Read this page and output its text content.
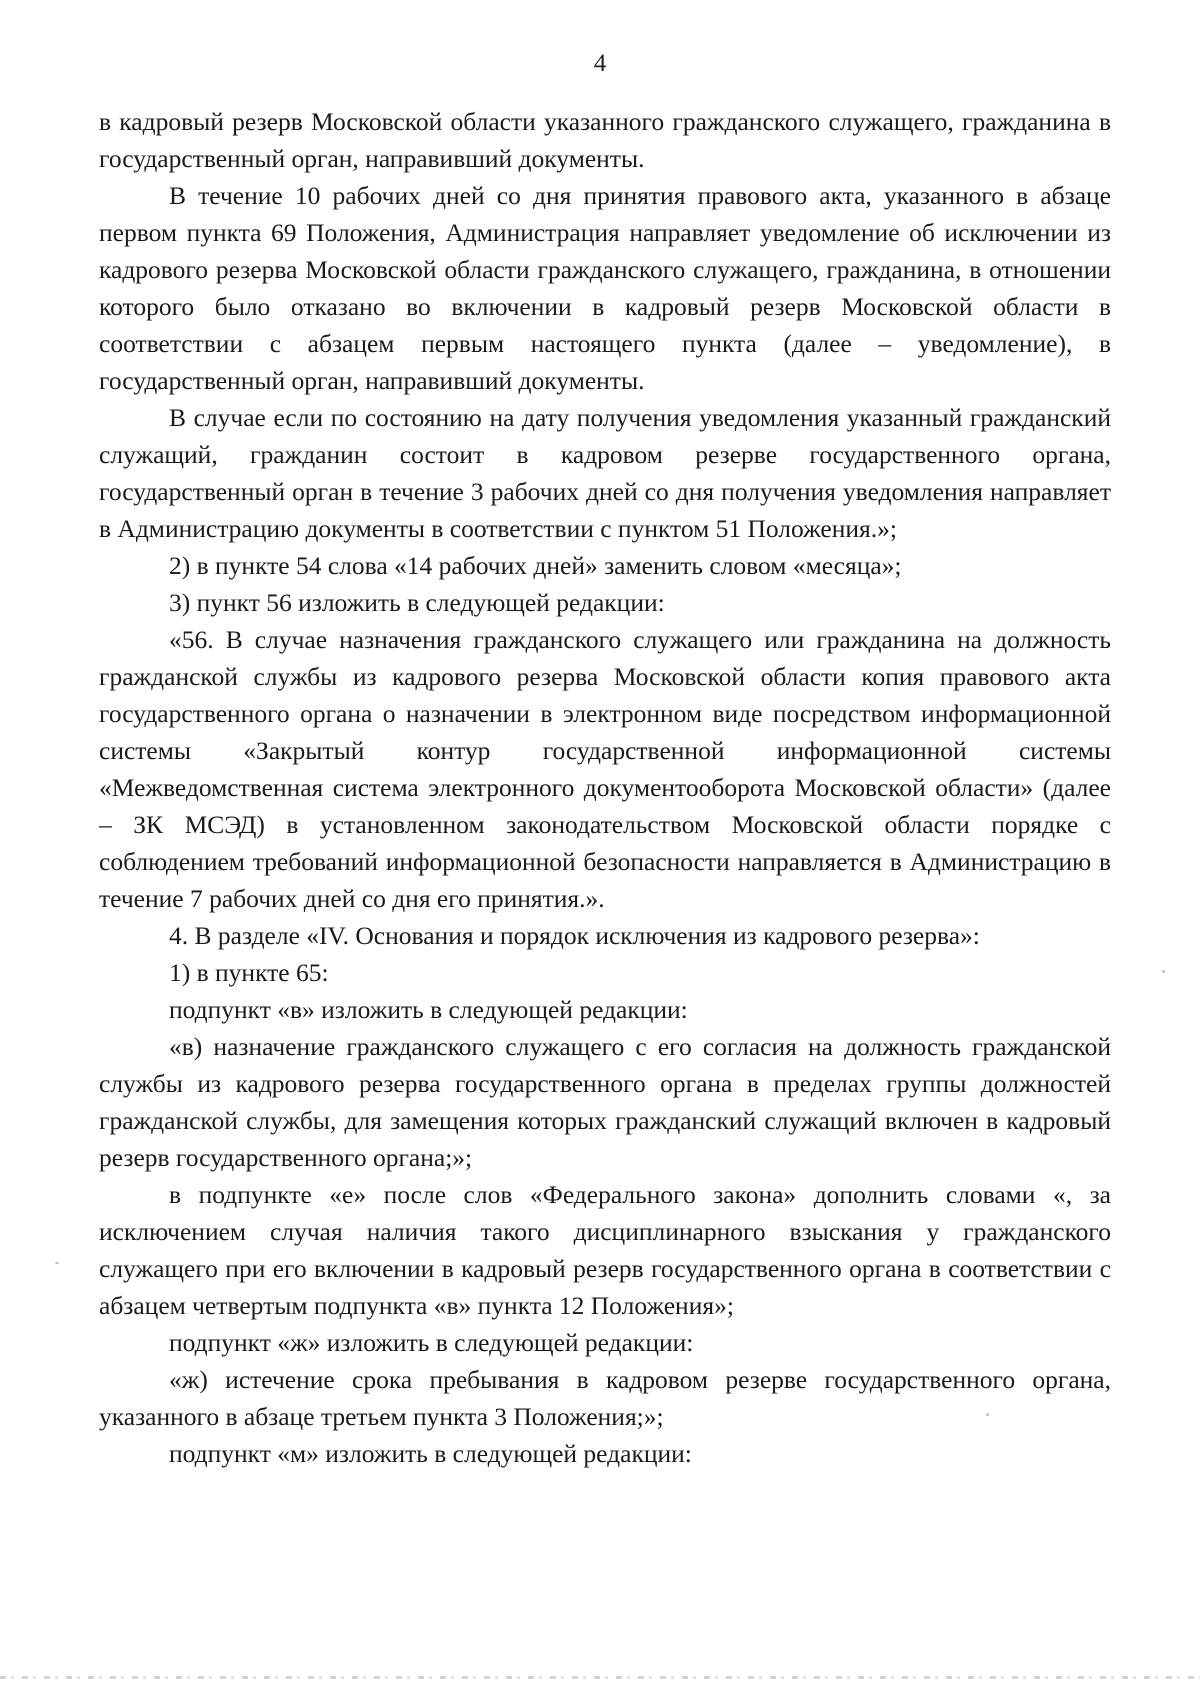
4

в кадровый резерв Московской области указанного гражданского служащего, гражданина в государственный орган, направивший документы.

В течение 10 рабочих дней со дня принятия правового акта, указанного в абзаце первом пункта 69 Положения, Администрация направляет уведомление об исключении из кадрового резерва Московской области гражданского служащего, гражданина, в отношении которого было отказано во включении в кадровый резерв Московской области в соответствии с абзацем первым настоящего пункта (далее – уведомление), в государственный орган, направивший документы.

В случае если по состоянию на дату получения уведомления указанный гражданский служащий, гражданин состоит в кадровом резерве государственного органа, государственный орган в течение 3 рабочих дней со дня получения уведомления направляет в Администрацию документы в соответствии с пунктом 51 Положения.»;

2) в пункте 54 слова «14 рабочих дней» заменить словом «месяца»;

3) пункт 56 изложить в следующей редакции:

«56. В случае назначения гражданского служащего или гражданина на должность гражданской службы из кадрового резерва Московской области копия правового акта государственного органа о назначении в электронном виде посредством информационной системы «Закрытый контур государственной информационной системы «Межведомственная система электронного документооборота Московской области» (далее – ЗК МСЭД) в установленном законодательством Московской области порядке с соблюдением требований информационной безопасности направляется в Администрацию в течение 7 рабочих дней со дня его принятия.».

4. В разделе «IV. Основания и порядок исключения из кадрового резерва»:

1) в пункте 65:

подпункт «в» изложить в следующей редакции:

«в) назначение гражданского служащего с его согласия на должность гражданской службы из кадрового резерва государственного органа в пределах группы должностей гражданской службы, для замещения которых гражданский служащий включен в кадровый резерв государственного органа;»;

в подпункте «е» после слов «Федерального закона» дополнить словами «, за исключением случая наличия такого дисциплинарного взыскания у гражданского служащего при его включении в кадровый резерв государственного органа в соответствии с абзацем четвертым подпункта «в» пункта 12 Положения»;

подпункт «ж» изложить в следующей редакции:

«ж) истечение срока пребывания в кадровом резерве государственного органа, указанного в абзаце третьем пункта 3 Положения;»;

подпункт «м» изложить в следующей редакции:
